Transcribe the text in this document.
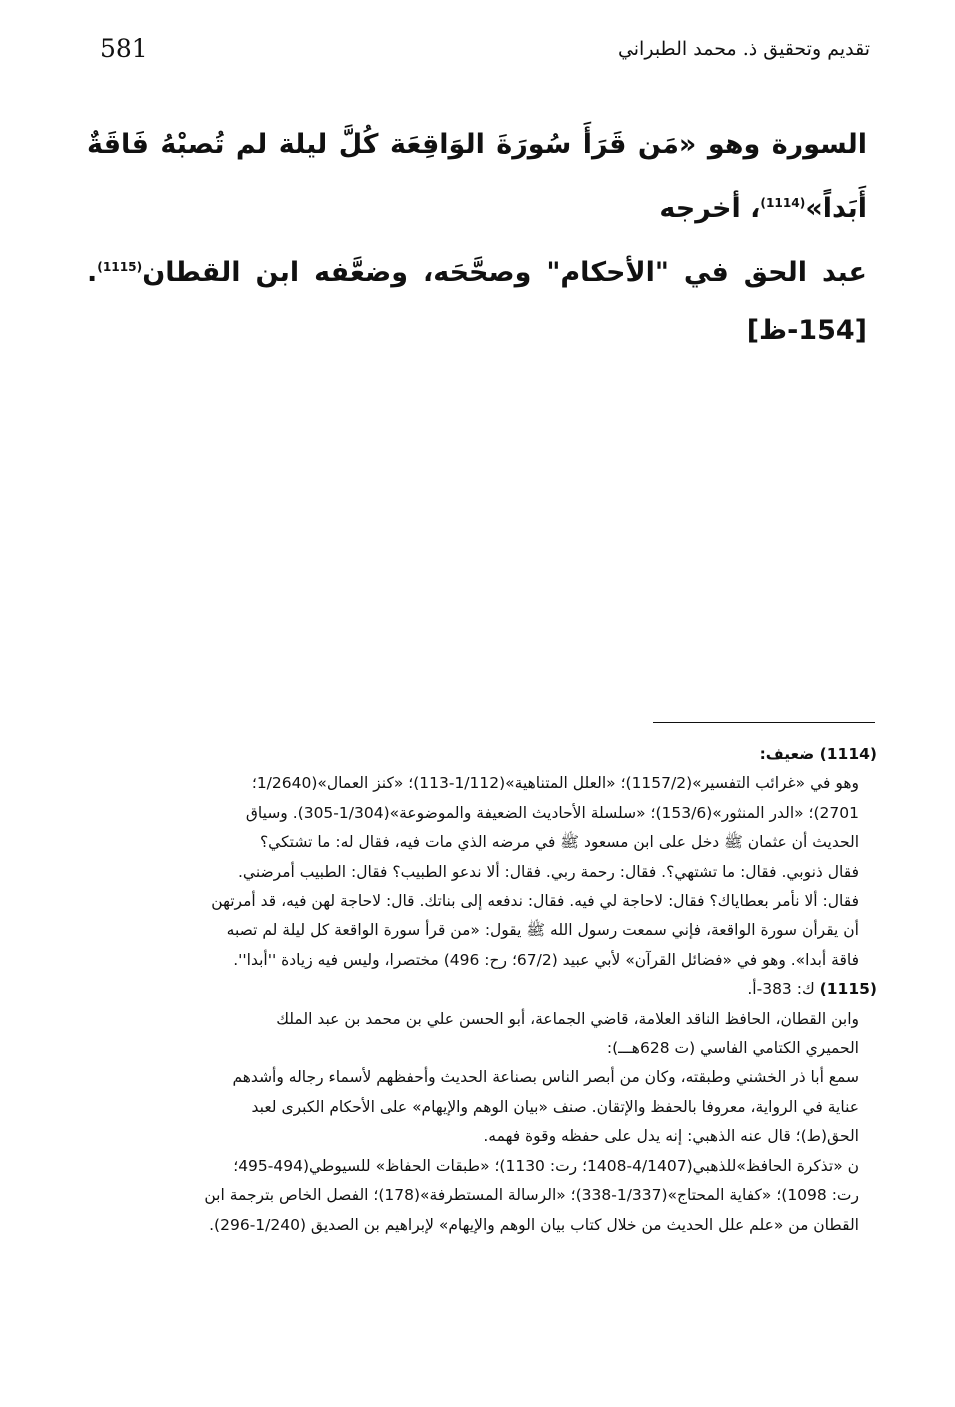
581	تقديم وتحقيق ذ. محمد الطبراني
السورة وهو «مَن قَرَأَ سُورَةَ الوَاقِعَة كُلَّ ليلة لم تُصبْهُ فَاقَةٌ أَبَداً»$^{(1114)}$، أخرجه
عبد الحق في "الأحكام" وصحَّحَه، وضعَّفه ابن القطان$^{(1115)}$.[154-ظ]

(1114) ضعيف:

وهو في «غرائب التفسير»(1157/2)؛ «العلل المتناهية»(1/112-113)؛ «كنز العمال»(1/2640؛

2701)؛ «الدر المنثور»(153/6)؛ «سلسلة الأحاديث الضعيفة والموضوعة»(1/304-305). وسياق

الحديث أن عثمان ﷺ دخل على ابن مسعود ﷺ في مرضه الذي مات فيه، فقال له: ما تشتكي؟

فقال ذنوبي. فقال: ما تشتهي؟. فقال: رحمة ربي. فقال: ألا ندعو الطبيب؟ فقال: الطبيب أمرضني.

فقال: ألا نأمر بعطاياك؟ فقال: لاحاجة لي فيه. فقال: ندفعه إلى بناتك. قال: لاحاجة لهن فيه، قد أمرتهن

أن يقرأن سورة الواقعة، فإني سمعت رسول الله ﷺ يقول: «من قرأ سورة الواقعة كل ليلة لم تصبه

فاقة أبدا». وهو في «فضائل القرآن» لأبي عبيد (67/2؛ رح: 496) مختصرا، وليس فيه زيادة ''أبدا''.

(1115) ك: 383-أ.

وابن القطان، الحافظ الناقد العلامة، قاضي الجماعة، أبو الحسن علي بن محمد بن عبد الملك

الحميري الكتامي الفاسي (ت 628هـــ):

سمع أبا ذر الخشني وطبقته، وكان من أبصر الناس بصناعة الحديث وأحفظهم لأسماء رجاله وأشدهم

عناية في الرواية، معروفا بالحفظ والإتقان. صنف «بيان الوهم والإيهام» على الأحكام الكبرى لعبد

الحق(ط)؛ قال عنه الذهبي: إنه يدل على حفظه وقوة فهمه.

ن «تذكرة الحافظ»للذهبي(4/1407-1408؛ رت: 1130)؛ «طبقات الحفاظ» للسيوطي(494-495؛

رت: 1098)؛ «كفاية المحتاج»(1/337-338)؛ «الرسالة المستطرفة»(178)؛ الفصل الخاص بترجمة ابن

القطان من «علم علل الحديث من خلال كتاب بيان الوهم والإيهام» لإبراهيم بن الصديق (1/240-296).
